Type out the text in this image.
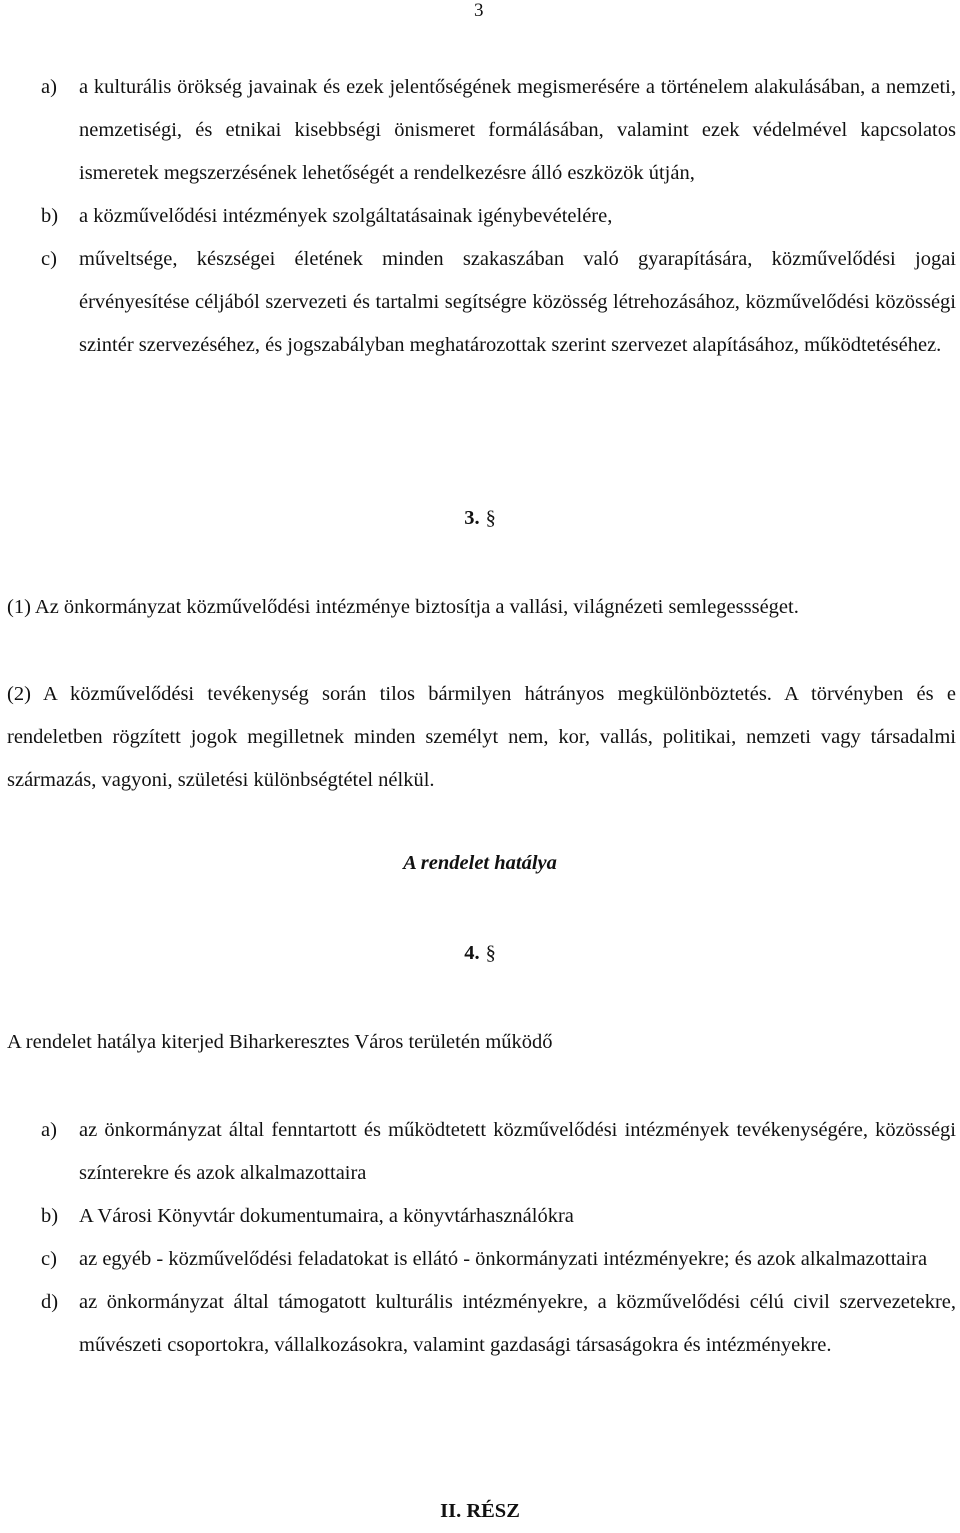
3
a) a kulturális örökség javainak és ezek jelentőségének megismerésére a történelem alakulásában, a nemzeti, nemzetiségi, és etnikai kisebbségi önismeret formálásában, valamint ezek védelmével kapcsolatos ismeretek megszerzésének lehetőségét a rendelkezésre álló eszközök útján,
b) a közművelődési intézmények szolgáltatásainak igénybevételére,
c) műveltsége, készségei életének minden szakaszában való gyarapítására, közművelődési jogai érvényesítése céljából szervezeti és tartalmi segítségre közösség létrehozásához, közművelődési közösségi szintér szervezéséhez, és jogszabályban meghatározottak szerint szervezet alapításához, működtetéséhez.
3. §
(1) Az önkormányzat közművelődési intézménye biztosítja a vallási, világnézeti semlegessséget.
(2) A közművelődési tevékenység során tilos bármilyen hátrányos megkülönböztetés. A törvényben és e rendeletben rögzített jogok megilletnek minden személyt nem, kor, vallás, politikai, nemzeti vagy társadalmi származás, vagyoni, születési különbségtétel nélkül.
A rendelet hatálya
4. §
A rendelet hatálya kiterjed Biharkeresztes Város területén működő
a) az önkormányzat által fenntartott és működtetett közművelődési intézmények tevékenységére, közösségi színterekre és azok alkalmazottaira
b) A Városi Könyvtár dokumentumaira, a könyvtárhasználókra
c) az egyéb - közművelődési feladatokat is ellátó - önkormányzati intézményekre; és azok alkalmazottaira
d) az önkormányzat által támogatott kulturális intézményekre, a közművelődési célú civil szervezetekre, művészeti csoportokra, vállalkozásokra, valamint gazdasági társaságokra és intézményekre.
II. RÉSZ
